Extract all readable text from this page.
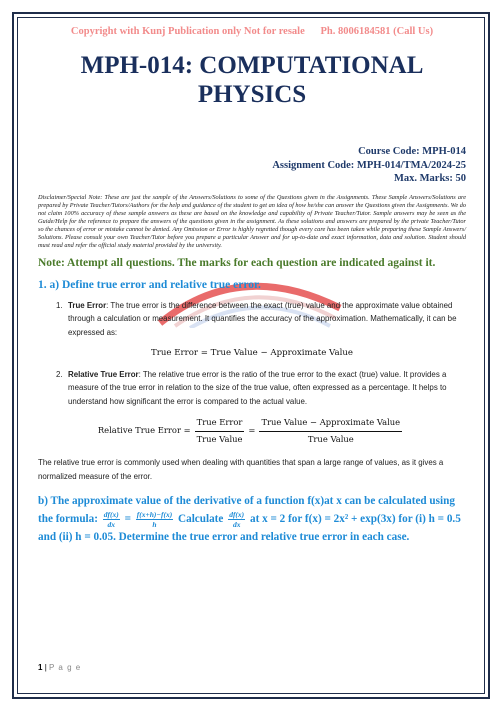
Copyright with Kunj Publication only Not for resale Ph. 8006184581 (Call Us)
MPH-014: COMPUTATIONAL PHYSICS
Course Code: MPH-014
Assignment Code: MPH-014/TMA/2024-25
Max. Marks: 50
Disclaimer/Special Note: These are just the sample of the Answers/Solutions to some of the Questions given in the Assignments. These Sample Answers/Solutions are prepared by Private Teacher/Tutors/Authors for the help and guidance of the student to get an idea of how he/she can answer the Questions given the Assignments. We do not claim 100% accuracy of these sample answers as these are based on the knowledge and capability of Private Teacher/Tutor. Sample answers may be seen as the Guide/Help for the reference to prepare the answers of the questions given in the assignment. As these solutions and answers are prepared by the private Teacher/Tutor so the chances of error or mistake cannot be denied. Any Omission or Error is highly regretted though every care has been taken while preparing these Sample Answers/ Solutions. Please consult your own Teacher/Tutor before you prepare a particular Answer and for up-to-date and exact information, data and solution. Student should must read and refer the official study material provided by the university.
Note: Attempt all questions. The marks for each question are indicated against it.
1. a) Define true error and relative true error.
1. True Error: The true error is the difference between the exact (true) value and the approximate value obtained through a calculation or measurement. It quantifies the accuracy of the approximation. Mathematically, it can be expressed as:
True Error = True Value − Approximate Value
2. Relative True Error: The relative true error is the ratio of the true error to the exact (true) value. It provides a measure of the true error in relation to the size of the true value, often expressed as a percentage. It helps to understand how significant the error is compared to the actual value.
Relative True Error = $\frac{\text{True Error}}{\text{True Value}} = \frac{\text{True Value − Approximate Value}}{\text{True Value}}$
The relative true error is commonly used when dealing with quantities that span a large range of values, as it gives a normalized measure of the error.
b) The approximate value of the derivative of a function f(x)at x can be calculated using the formula: $\frac{df(x)}{dx} = \frac{f(x+h)-f(x)}{h}$ Calculate $\frac{df(x)}{dx}$ at x = 2 for f(x) = 2x² + exp(3x) for (i) h = 0.5 and (ii) h = 0.05. Determine the true error and relative true error in each case.
1 | P a g e
